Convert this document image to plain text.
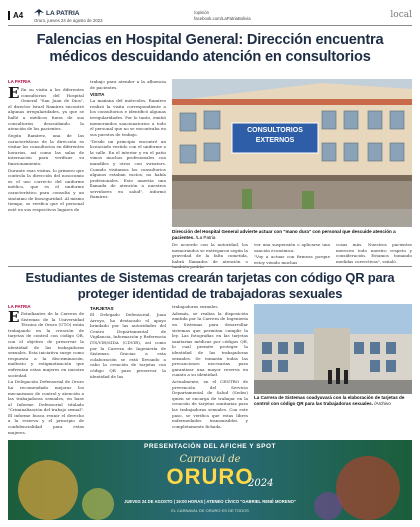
A4	LA PATRIA
Oruro, jueves 24 de agosto de 2023
/opinión
facebook.com/LaPatriaBolivia	local
Falencias en Hospital General: Dirección encuentra médicos descuidando atención en consultorios
LA PATRIA

E En su visita a los diferentes consultorios del Hospital General "San Juan de Dios", el director Israel Ramírez encontró algunas irregularidades, ya que se halló a médicos fuera de sus consultorios descuidando la atención de los pacientes.

Según Ramírez, una de las características de la dirección es visitar los consultorios en diferentes horarios, así como las salas de internación para verificar su funcionamiento.

Durante esas visitas, lo primero que controla la dirección del nosocomio es el uso correcto del uniforme médico, que es el uniforme característico para consulta y un sinónimo de bioseguridad. Al mismo tiempo, se verifica que el personal esté en sus respectivos lugares de

trabajo para atender a la afluencia de pacientes.

VISITA

La mañana del miércoles, Ramírez realizó la visita correspondiente a los consultorios e identificó algunas irregularidades. Por lo tanto, emitió memorandos sancionatorios a todo el personal que no se encontraba en sus puestos de trabajo.

"Desde un principio encontré un licenciado vestido con el uniforme a la calle. En el interior y en el patio vimos muchos profesionales con mandiles y otros con sweaters. Cuando visitamos los consultorios algunos estaban vacíos, no había profesionales. Esto amerita una llamada de atención a nuestros servidores en salud", informó Ramírez.

CONSULTORIOS
EXTERNOS
Dirección del Hospital General advierte actuar con "mano dura" con personal que descuide atención a pacientes. /La Patria

De acuerdo con la autoridad, los memorandos se entregaron según la gravedad de la falta cometida, habrá llamados de atención o también podría

ver una suspensión o aplicarse una sanción económica.

"Voy a actuar con firmeza porque estoy viendo muchas

cosas más. Nuestros pacientes merecen todo nuestro respeto y consideración. Estamos tomando medidas correctivas", señaló.

Estudiantes de Sistemas crearán tarjetas con código QR para proteger identidad de trabajadoras sexuales
LA PATRIA

E Estudiantes de la Carrera de Sistemas de la Universidad Técnica de Oruro (UTO) están trabajando en la creación de tarjetas de control con código QR, con el objetivo de preservar la identidad de las trabajadoras sexuales. Esta iniciativa surge como respuesta a la discriminación, maltrato y estigmatización que enfrentan estas mujeres en nuestra sociedad.

La Delegación Defensorial de Oruro ha recomendado mejorar los mecanismos de control y atención a las trabajadoras sexuales, en base al Informe Defensorial titulado "Criminalización del trabajo sexual". El informe busca reunir el derecho a la reserva y el principio de confidencialidad para estas mujeres.

TARJETAS

El Delegado Defensorial, Juan Arroyo, ha destacado el apoyo brindado por las autoridades del Centro Departamental de Vigilancia, Información y Referencia ITS/VIH/SIDA (CDVIR), así como por la Carrera de Ingeniería de Sistemas. Gracias a esta colaboración se está llevando a cabo la creación de tarjetas con código QR para preservar la identidad de las

trabajadoras sexuales.

Además, se realiza la disposición emitida por la Carrera de Ingeniería en Sistemas para desarrollar sistemas que permitan cumplir la ley. Las fotografías en las tarjetas sanitarias médicas por códigos QR, lo cual permite proteger la identidad de las trabajadoras sexuales. Se tomarán todas las precauciones necesarias para garantizar una mayor reserva en cuanto a su identidad.

Actualmente, en el CENTRO de prevención del Servicio Departamental de Salud (Sedes) quien se encarga de trabajar en la creación de tarjetas sanitarias para las trabajadoras sexuales. Con este paso, se verifica que estas libres enfermedades transmisibles y completamente fichada.

La Carrera de Sistemas coadyuvará con la elaboración de tarjetas de control con código QR para las trabajadoras sexuales. /Archivo
PRESENTACIÓN DEL AFICHE Y SPOT
Carnaval de
ORURO
2024
JUEVES 24 DE AGOSTO | 19:00 HORAS | ATENEO CÍVICO "GABRIEL RENÉ MORENO"
EL CARNAVAL DE ORURO ES DE TODOS
